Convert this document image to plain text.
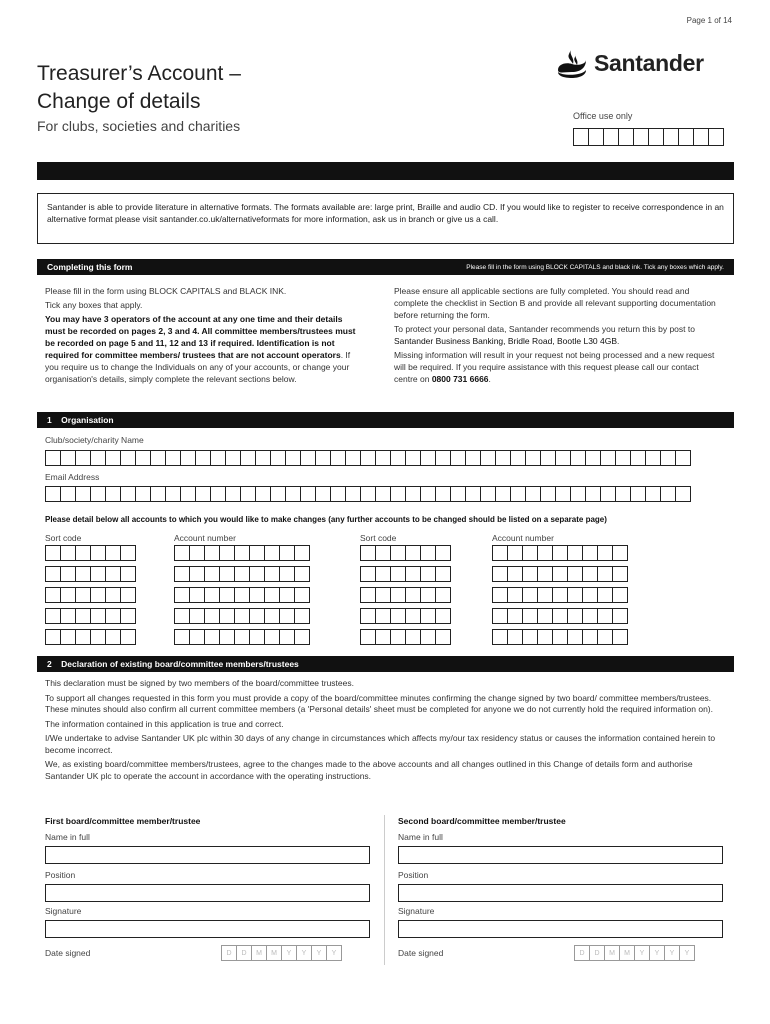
Page 1 of 14
Treasurer’s Account –
Change of details
For clubs, societies and charities
Santander
Office use only
Santander is able to provide literature in alternative formats. The formats available are: large print, Braille and audio CD. If you would like to register to receive correspondence in an alternative format please visit santander.co.uk/alternativeformats for more information, ask us in branch or give us a call.
Completing this form	Please fill in the form using BLOCK CAPITALS and black ink. Tick any boxes which apply.

Please fill in the form using BLOCK CAPITALS and BLACK INK.

Tick any boxes that apply.

You may have 3 operators of the account at any one time and their details must be recorded on pages 2, 3 and 4. All committee members/trustees must be recorded on page 5 and 11, 12 and 13 if required. Identification is not required for committee members/ trustees that are not account operators. If you require us to change the Individuals on any of your accounts, or change your organisation's details, simply complete the relevant sections below.

Please ensure all applicable sections are fully completed. You should read and complete the checklist in Section B and provide all relevant supporting documentation before returning the form.

To protect your personal data, Santander recommends you return this by post to Santander Business Banking, Bridle Road, Bootle L30 4GB.

Missing information will result in your request not being processed and a new request will be required. If you require assistance with this request please call our contact centre on 0800 731 6666.

1    Organisation
Club/society/charity Name
Email Address
Please detail below all accounts to which you would like to make changes (any further accounts to be changed should be listed on a separate page)
Sort code	Account number	Sort code	Account number
2    Declaration of existing board/committee members/trustees

This declaration must be signed by two members of the board/committee trustees.

To support all changes requested in this form you must provide a copy of the board/committee minutes confirming the change signed by two board/ committee members/trustees. These minutes should also confirm all current committee members (a 'Personal details' sheet must be completed for anyone we do not currently hold the required information on).

The information contained in this application is true and correct.

I/We undertake to advise Santander UK plc within 30 days of any change in circumstances which affects my/our tax residency status or causes the information contained herein to become incorrect.

We, as existing board/committee members/trustees, agree to the changes made to the above accounts and all changes outlined in this Change of details form and authorise Santander UK plc to operate the account in accordance with the operating instructions.

First board/committee member/trustee
Name in full
Position
Signature
Date signed	D	D	M	M	Y	Y	Y	Y
Second board/committee member/trustee
Name in full
Position
Signature
Date signed	D	D	M	M	Y	Y	Y	Y
